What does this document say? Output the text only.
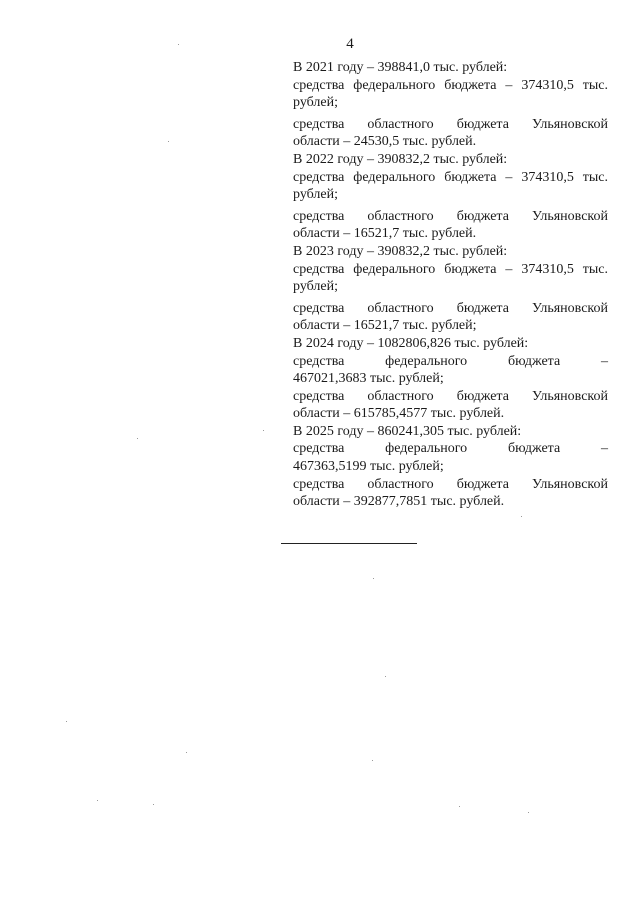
4
В 2021 году – 398841,0 тыс. рублей:
средства федерального бюджета – 374310,5 тыс.
рублей;
средства областного бюджета Ульяновской
области – 24530,5 тыс. рублей.
В 2022 году – 390832,2 тыс. рублей:
средства федерального бюджета – 374310,5 тыс.
рублей;
средства областного бюджета Ульяновской
области – 16521,7 тыс. рублей.
В 2023 году – 390832,2 тыс. рублей:
средства федерального бюджета – 374310,5 тыс.
рублей;
средства областного бюджета Ульяновской
области – 16521,7 тыс. рублей;
В 2024 году – 1082806,826 тыс. рублей:
средства федерального бюджета –
467021,3683 тыс. рублей;
средства областного бюджета Ульяновской
области – 615785,4577 тыс. рублей.
В 2025 году – 860241,305 тыс. рублей:
средства федерального бюджета –
467363,5199 тыс. рублей;
средства областного бюджета Ульяновской
области – 392877,7851 тыс. рублей.
